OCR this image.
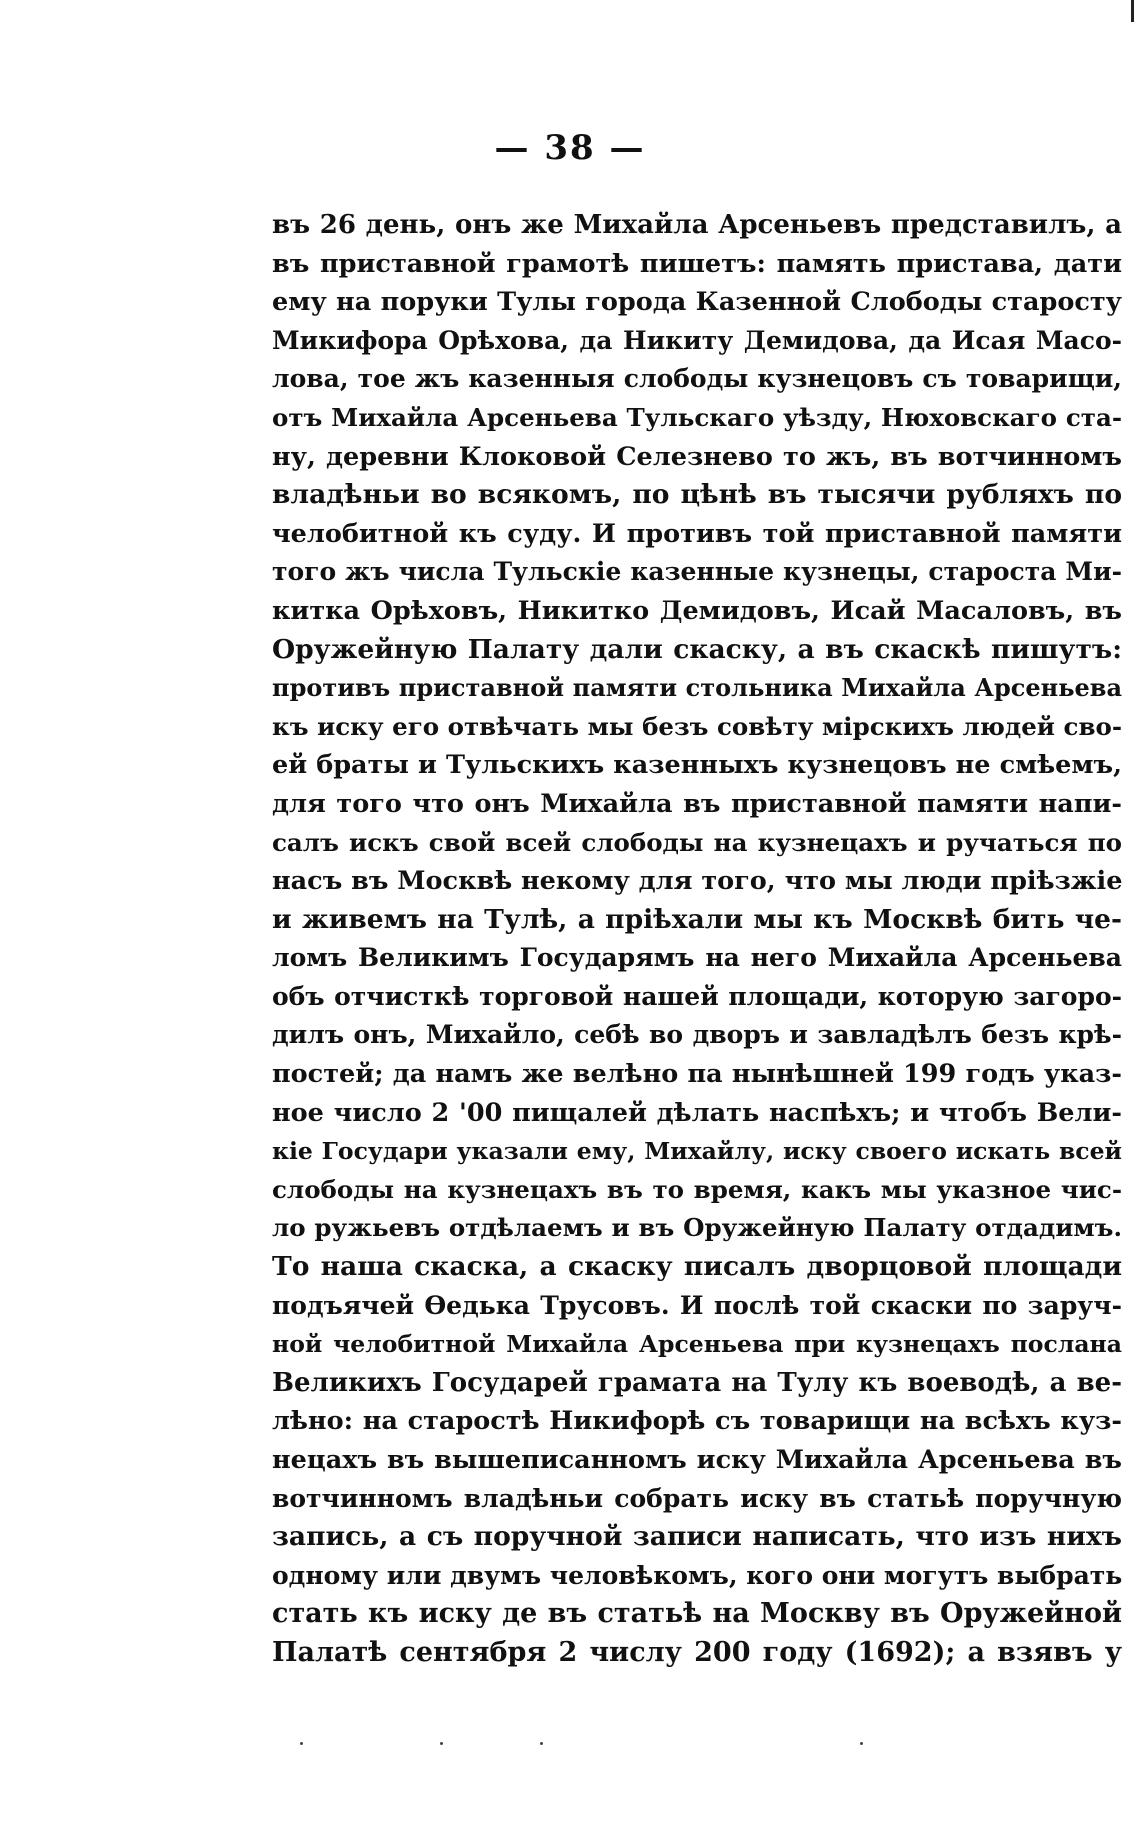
— 38 —
въ 26 день, онъ же Михайла Арсеньевъ представилъ, а
въ приставной грамотѣ пишетъ: память пристава, дати
ему на поруки Тулы города Казенной Слободы старосту
Микифора Орѣхова, да Никиту Демидова, да Исая Масо-
лова, тое жъ казенныя слободы кузнецовъ съ товарищи,
отъ Михайла Арсеньева Тульскаго уѣзду, Нюховскаго ста-
ну, деревни Клоковой Селезнево то жъ, въ вотчинномъ
владѣньи во всякомъ, по цѣнѣ въ тысячи рубляхъ по
челобитной къ суду. И противъ той приставной памяти
того жъ числа Тульскіе казенные кузнецы, староста Ми-
китка Орѣховъ, Никитко Демидовъ, Исай Масаловъ, въ
Оружейную Палату дали скаску, а въ скаскѣ пишутъ:
противъ приставной памяти стольника Михайла Арсеньева
къ иску его отвѣчать мы безъ совѣту мірскихъ людей сво-
ей браты и Тульскихъ казенныхъ кузнецовъ не смѣемъ,
для того что онъ Михайла въ приставной памяти напи-
салъ искъ свой всей слободы на кузнецахъ и ручаться по
насъ въ Москвѣ некому для того, что мы люди пріѣзжіе
и живемъ на Тулѣ, а пріѣхали мы къ Москвѣ бить че-
ломъ Великимъ Государямъ на него Михайла Арсеньева
объ отчисткѣ торговой нашей площади, которую загоро-
дилъ онъ, Михайло, себѣ во дворъ и завладѣлъ безъ крѣ-
постей; да намъ же велѣно па нынѣшней 199 годъ указ-
ное число 2 '00 пищалей дѣлать наспѣхъ; и чтобъ Вели-
кіе Государи указали ему, Михайлу, иску своего искать всей
слободы на кузнецахъ въ то время, какъ мы указное чис-
ло ружьевъ отдѣлаемъ и въ Оружейную Палату отдадимъ.
То наша скаска, а скаску писалъ дворцовой площади
подъячей Ѳедька Трусовъ. И послѣ той скаски по заруч-
ной челобитной Михайла Арсеньева при кузнецахъ послана
Великихъ Государей грамата на Тулу къ воеводѣ, а ве-
лѣно: на старостѣ Никифорѣ съ товарищи на всѣхъ куз-
нецахъ въ вышеписанномъ иску Михайла Арсеньева въ
вотчинномъ владѣньи собрать иску въ статьѣ поручную
запись, а съ поручной записи написать, что изъ нихъ
одному или двумъ человѣкомъ, кого они могутъ выбрать
стать къ иску де въ статьѣ на Москву въ Оружейной
Палатѣ сентября 2 числу 200 году (1692); а взявъ у
